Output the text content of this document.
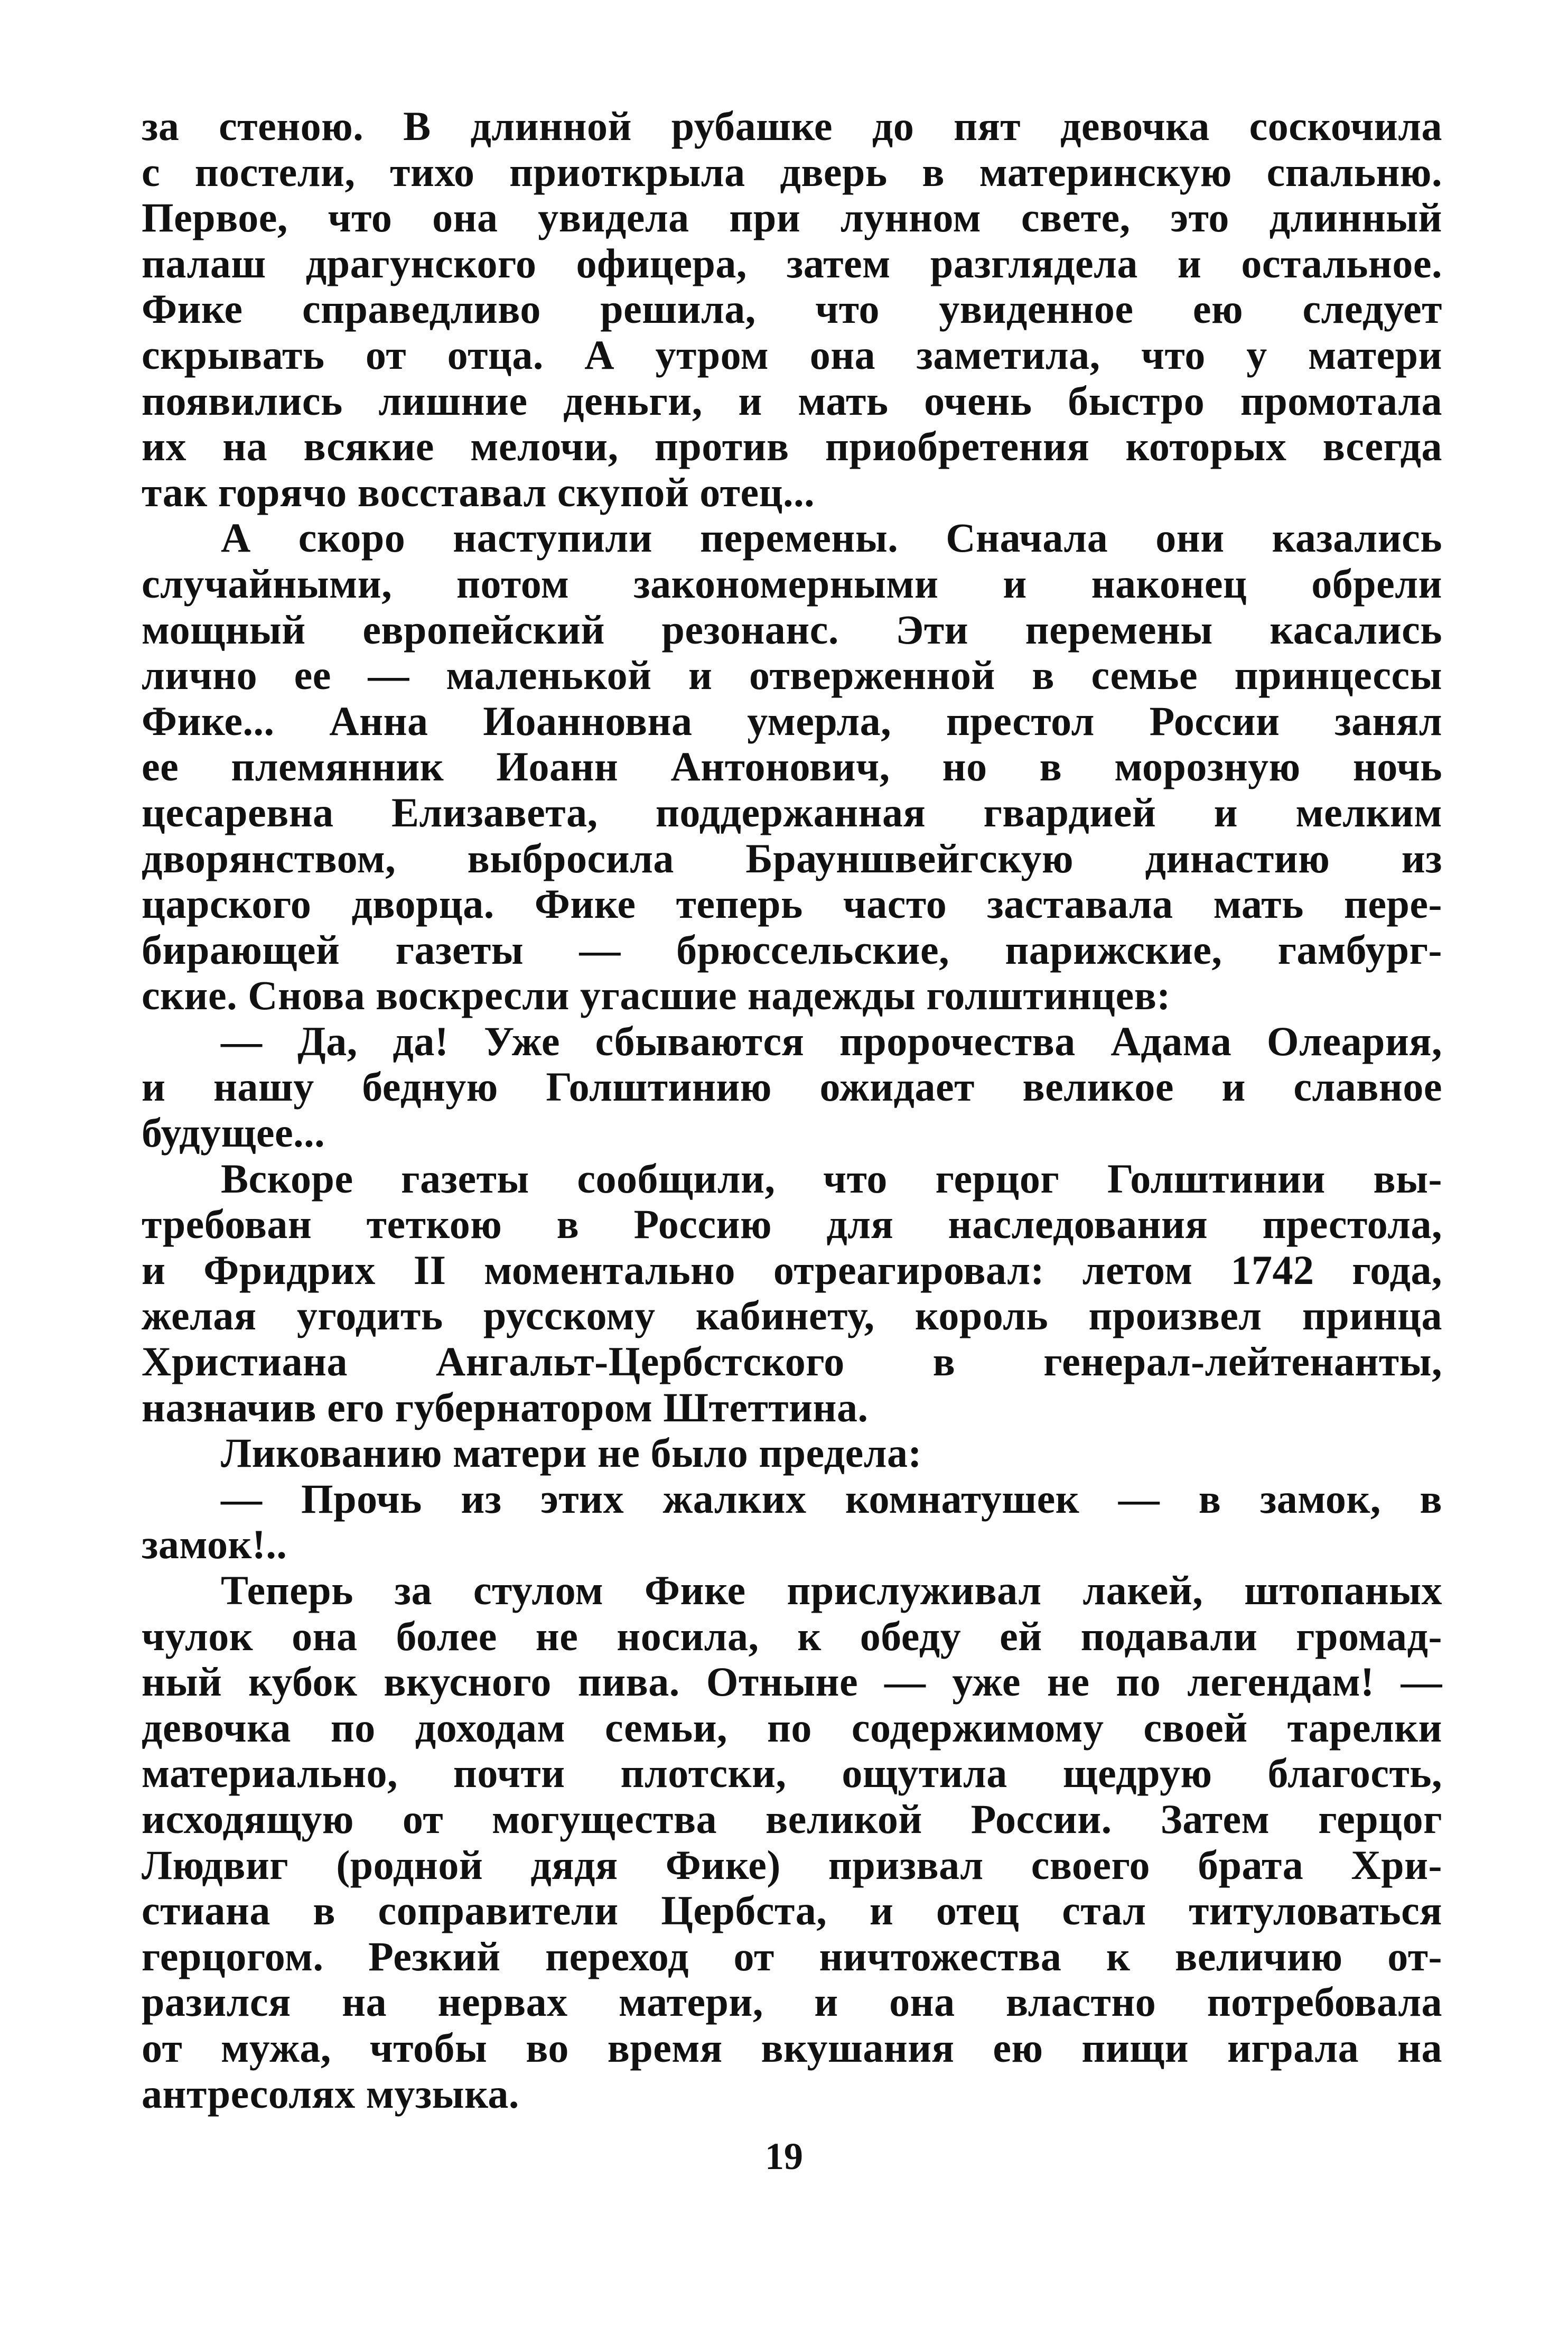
за стеною. В длинной рубашке до пят девочка соскочила
с постели, тихо приоткрыла дверь в материнскую спальню.
Первое, что она увидела при лунном свете, это длинный
палаш драгунского офицера, затем разглядела и остальное.
Фике справедливо решила, что увиденное ею следует
скрывать от отца. А утром она заметила, что у матери
появились лишние деньги, и мать очень быстро промотала
их на всякие мелочи, против приобретения которых всегда
так горячо восставал скупой отец...
А скоро наступили перемены. Сначала они казались
случайными, потом закономерными и наконец обрели
мощный европейский резонанс. Эти перемены касались
лично ее — маленькой и отверженной в семье принцессы
Фике... Анна Иоанновна умерла, престол России занял
ее племянник Иоанн Антонович, но в морозную ночь
цесаревна Елизавета, поддержанная гвардией и мелким
дворянством, выбросила Брауншвейгскую династию из
царского дворца. Фике теперь часто заставала мать пере-
бирающей газеты — брюссельские, парижские, гамбург-
ские. Снова воскресли угасшие надежды голштинцев:
— Да, да! Уже сбываются пророчества Адама Олеария,
и нашу бедную Голштинию ожидает великое и славное
будущее...
Вскоре газеты сообщили, что герцог Голштинии вы-
требован теткою в Россию для наследования престола,
и Фридрих II моментально отреагировал: летом 1742 года,
желая угодить русскому кабинету, король произвел принца
Христиана Ангальт-Цербстского в генерал-лейтенанты,
назначив его губернатором Штеттина.
Ликованию матери не было предела:
— Прочь из этих жалких комнатушек — в замок, в
замок!..
Теперь за стулом Фике прислуживал лакей, штопаных
чулок она более не носила, к обеду ей подавали громад-
ный кубок вкусного пива. Отныне — уже не по легендам! —
девочка по доходам семьи, по содержимому своей тарелки
материально, почти плотски, ощутила щедрую благость,
исходящую от могущества великой России. Затем герцог
Людвиг (родной дядя Фике) призвал своего брата Хри-
стиана в соправители Цербста, и отец стал титуловаться
герцогом. Резкий переход от ничтожества к величию от-
разился на нервах матери, и она властно потребовала
от мужа, чтобы во время вкушания ею пищи играла на
антресолях музыка.
19
